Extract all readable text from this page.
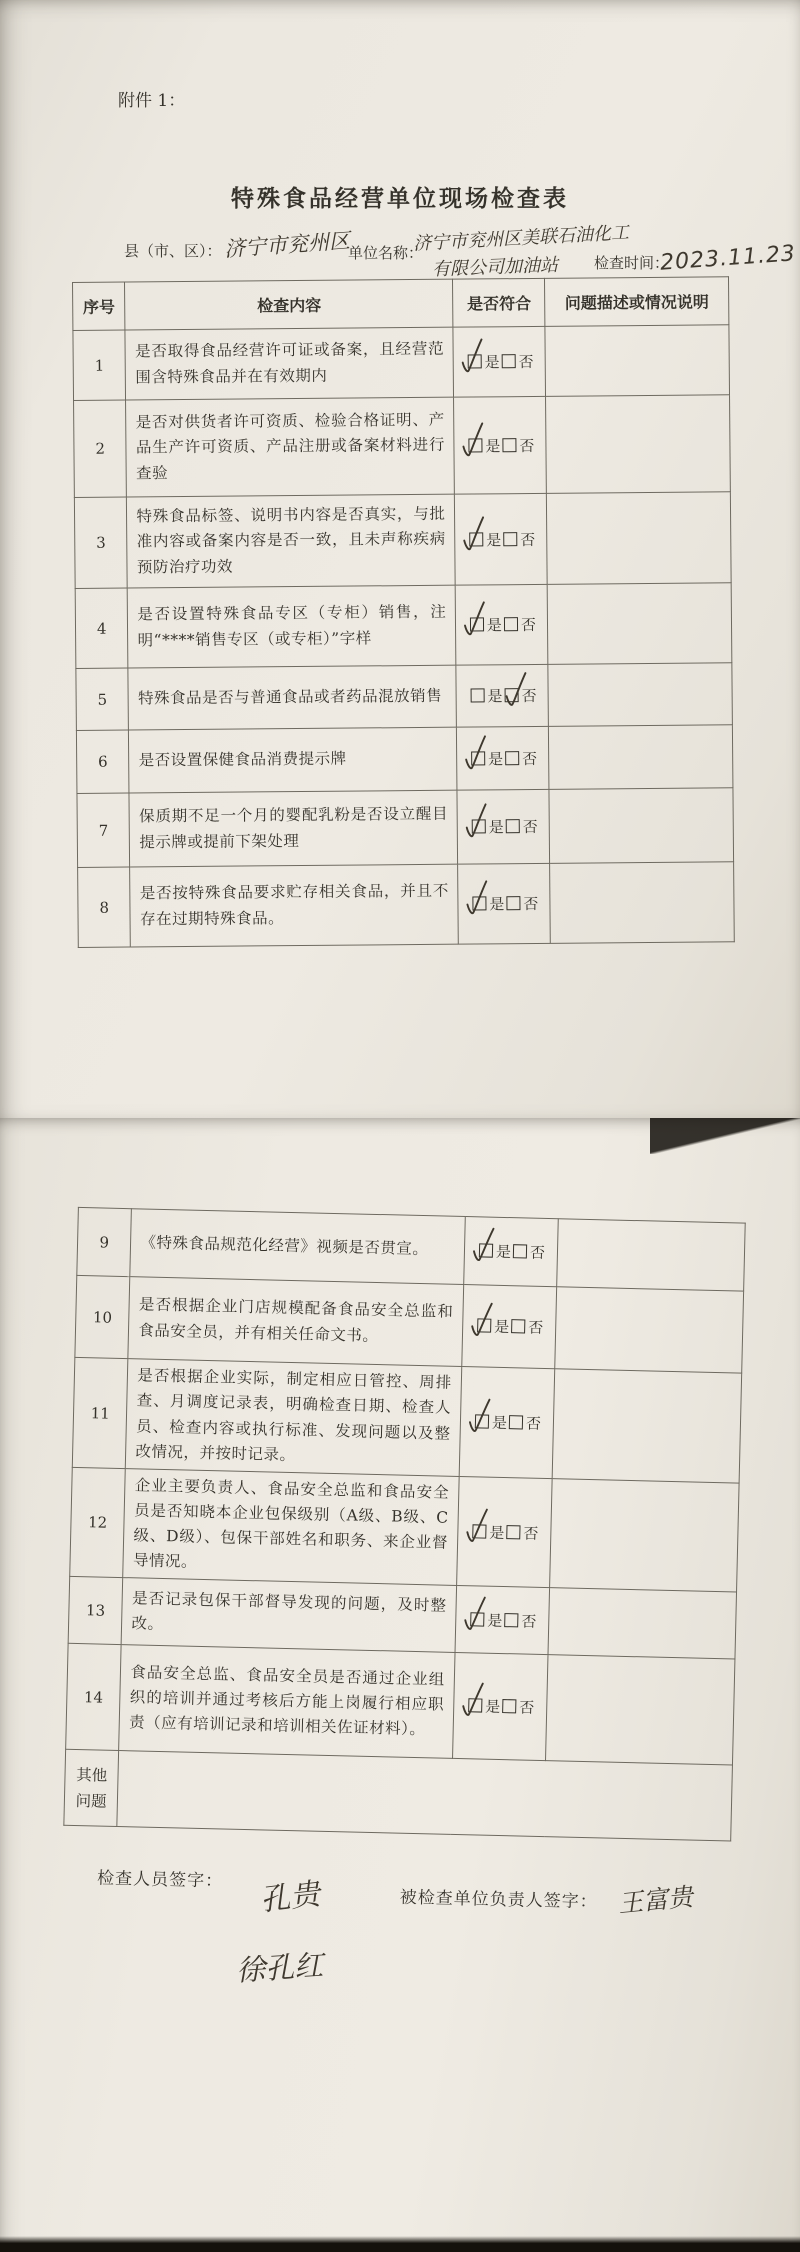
附件 1：
特殊食品经营单位现场检查表
县（市、区）： 济宁市兖州区
单位名称：
济宁市兖州区美联石油化工
有限公司加油站 检查时间：
2023.11.23
序号	检查内容	是否符合	问题描述或情况说明
1	是否取得食品经营许可证或备案，且经营范围含特殊食品并在有效期内	是 否

2	是否对供货者许可资质、检验合格证明、产品生产许可资质、产品注册或备案材料进行查验	是 否

3	特殊食品标签、说明书内容是否真实，与批准内容或备案内容是否一致，且未声称疾病预防治疗功效	是 否

4	是否设置特殊食品专区（专柜）销售，注明“****销售专区（或专柜）”字样	是 否

5	特殊食品是否与普通食品或者药品混放销售	是 否

6	是否设置保健食品消费提示牌	是 否

7	保质期不足一个月的婴配乳粉是否设立醒目提示牌或提前下架处理	是 否

8	是否按特殊食品要求贮存相关食品，并且不存在过期特殊食品。	是 否

9	《特殊食品规范化经营》视频是否贯宣。	是 否

10	是否根据企业门店规模配备食品安全总监和食品安全员，并有相关任命文书。	是 否

11	是否根据企业实际，制定相应日管控、周排查、月调度记录表，明确检查日期、检查人员、检查内容或执行标准、发现问题以及整改情况，并按时记录。	是 否

12	企业主要负责人、食品安全总监和食品安全员是否知晓本企业包保级别（A级、B级、C级、D级）、包保干部姓名和职务、来企业督导情况。	是 否

13	是否记录包保干部督导发现的问题，及时整改。	是 否

14	食品安全总监、食品安全员是否通过企业组织的培训并通过考核后方能上岗履行相应职责（应有培训记录和培训相关佐证材料）。	是 否

其他问题			
检查人员签字： 孔贵
徐孔红
被检查单位负责人签字： 王富贵
